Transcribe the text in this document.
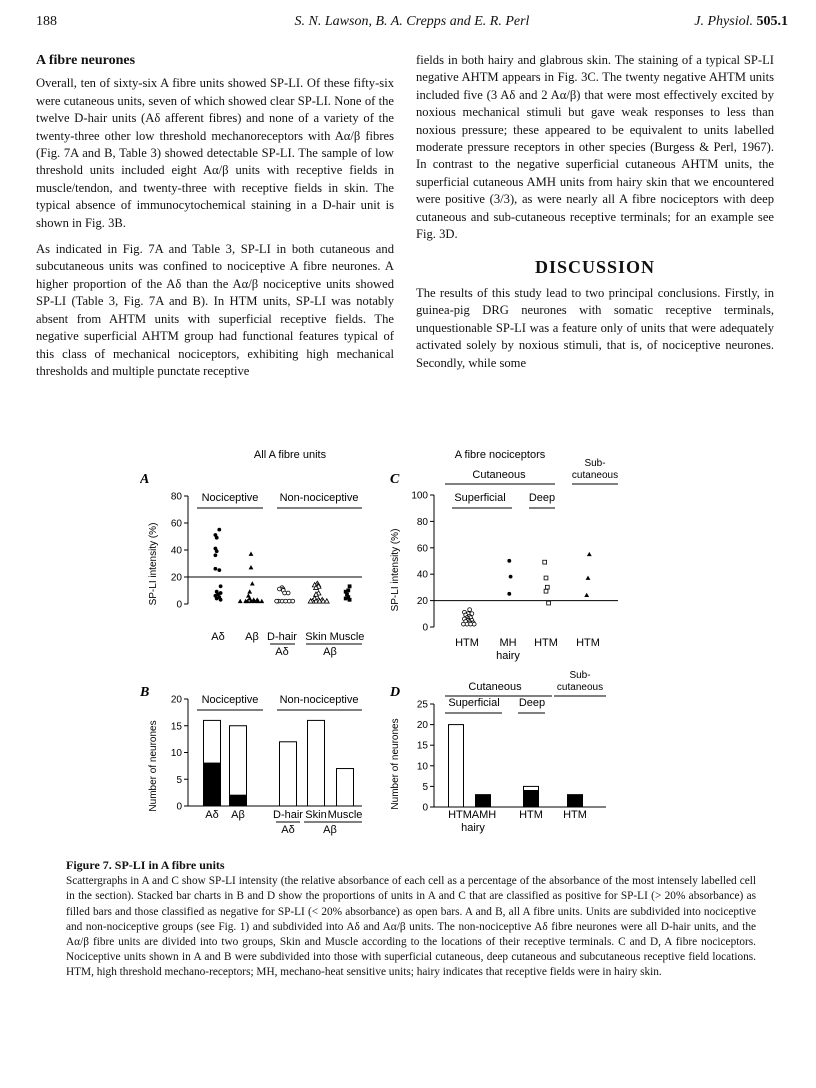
188	S. N. Lawson, B. A. Crepps and E. R. Perl	J. Physiol. 505.1
A fibre neurones

Overall, ten of sixty-six A fibre units showed SP-LI. Of these fifty-six were cutaneous units, seven of which showed clear SP-LI. None of the twelve D-hair units (Aδ afferent fibres) and none of a variety of the twenty-three other low threshold mechanoreceptors with Aα/β fibres (Fig. 7A and B, Table 3) showed detectable SP-LI. The sample of low threshold units included eight Aα/β units with receptive fields in muscle/tendon, and twenty-three with receptive fields in skin. The typical absence of immunocytochemical staining in a D-hair unit is shown in Fig. 3B.

As indicated in Fig. 7A and Table 3, SP-LI in both cutaneous and subcutaneous units was confined to nociceptive A fibre neurones. A higher proportion of the Aδ than the Aα/β nociceptive units showed SP-LI (Table 3, Fig. 7A and B). In HTM units, SP-LI was notably absent from AHTM units with superficial receptive fields. The negative superficial AHTM group had functional features typical of this class of mechanical nociceptors, exhibiting high mechanical thresholds and multiple punctate receptive

fields in both hairy and glabrous skin. The staining of a typical SP-LI negative AHTM appears in Fig. 3C. The twenty negative AHTM units included five (3 Aδ and 2 Aα/β) that were most effectively excited by noxious mechanical stimuli but gave weak responses to less than noxious pressure; these appeared to be equivalent to units labelled moderate pressure receptors in other species (Burgess & Perl, 1967). In contrast to the negative superficial cutaneous AHTM units, the superficial cutaneous AMH units from hairy skin that we encountered were positive (3/3), as were nearly all A fibre nociceptors with deep cutaneous and sub-cutaneous receptive terminals; for an example see Fig. 3D.

DISCUSSION

The results of this study lead to two principal conclusions. Firstly, in guinea-pig DRG neurones with somatic receptive terminals, unquestionable SP-LI was a feature only of units that were adequately activated solely by noxious stimuli, that is, of nociceptive neurones. Secondly, while some

All A fibre units
A
Nociceptive Non-nociceptive
SP-LI intensity (%) 0
20
40
60
80
Aδ Aβ D-hair Skin Muscle
Aδ	Aβ
B	Nociceptive Non-nociceptive
Number of neurones 0
5
10
15
20
Aδ Aβ	D-hair Skin Muscle
Aδ	Aβ
A fibre nociceptors
C	Cutaneous
Sub-
cutaneous
Superficial Deep
SP-LI intensity (%)
0
20
40
60
80
100
HTM MH
hairy
HTM HTM
D	Cutaneous
Sub-
cutaneous
Superficial Deep
Number of neurones 0
5
10
15
20
25
HTM AMH
hairy
HTM HTM
Figure 7. SP-LI in A fibre units
Scattergraphs in A and C show SP-LI intensity (the relative absorbance of each cell as a percentage of the absorbance of the most intensely labelled cell in the section). Stacked bar charts in B and D show the proportions of units in A and C that are classified as positive for SP-LI (> 20% absorbance) as filled bars and those classified as negative for SP-LI (< 20% absorbance) as open bars. A and B, all A fibre units. Units are subdivided into nociceptive and non-nociceptive groups (see Fig. 1) and subdivided into Aδ and Aα/β units. The non-nociceptive Aδ fibre neurones were all D-hair units, and the Aα/β fibre units are divided into two groups, Skin and Muscle according to the locations of their receptive terminals. C and D, A fibre nociceptors. Nociceptive units shown in A and B were subdivided into those with superficial cutaneous, deep cutaneous and subcutaneous receptive field locations. HTM, high threshold mechano-receptors; MH, mechano-heat sensitive units; hairy indicates that receptive fields were in hairy skin.
